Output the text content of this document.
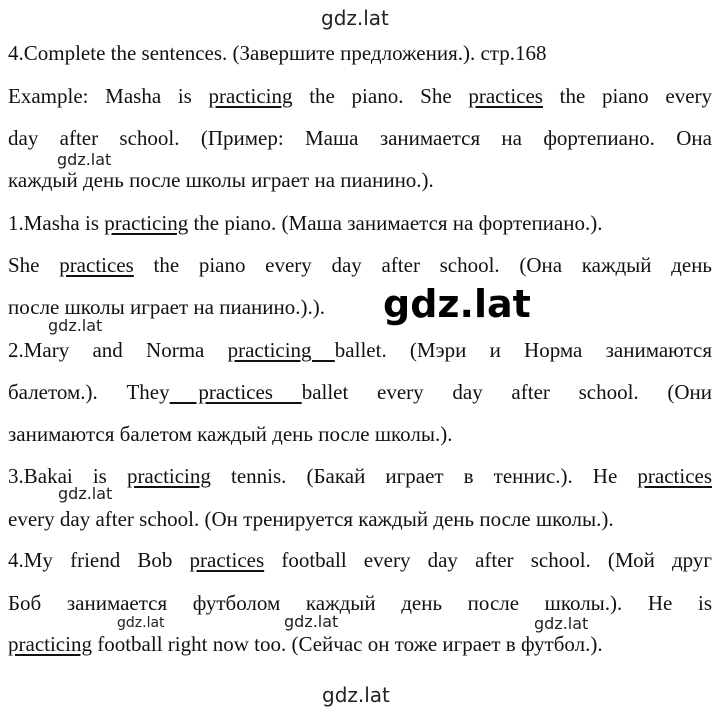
gdz.lat
4.Complete the sentences. (Завершите предложения.). стр.168
Example: Masha is practicing the piano. She practices the piano every
day after school. (Пример: Маша занимается на фортепиано. Она
gdz.lat
каждый день после школы играет на пианино.).
1.Masha is practicing the piano. (Маша занимается на фортепиано.).
She practices the piano every day after school. (Она каждый день
после школы играет на пианино.).).	gdz.lat
gdz.lat
2.Mary and Norma practicing ballet. (Мэри и Норма занимаются
балетом.). They practices ballet every day after school. (Они
занимаются балетом каждый день после школы.).
3.Bakai is practicing tennis. (Бакай играет в теннис.). He practices
gdz.lat
every day after school. (Он тренируется каждый день после школы.).
4.My friend Bob practices football every day after school. (Мой друг
Боб занимается футболом каждый день после школы.). He is
gdz.lat	gdz.lat	gdz.lat
practicing football right now too. (Сейчас он тоже играет в футбол.).
gdz.lat
